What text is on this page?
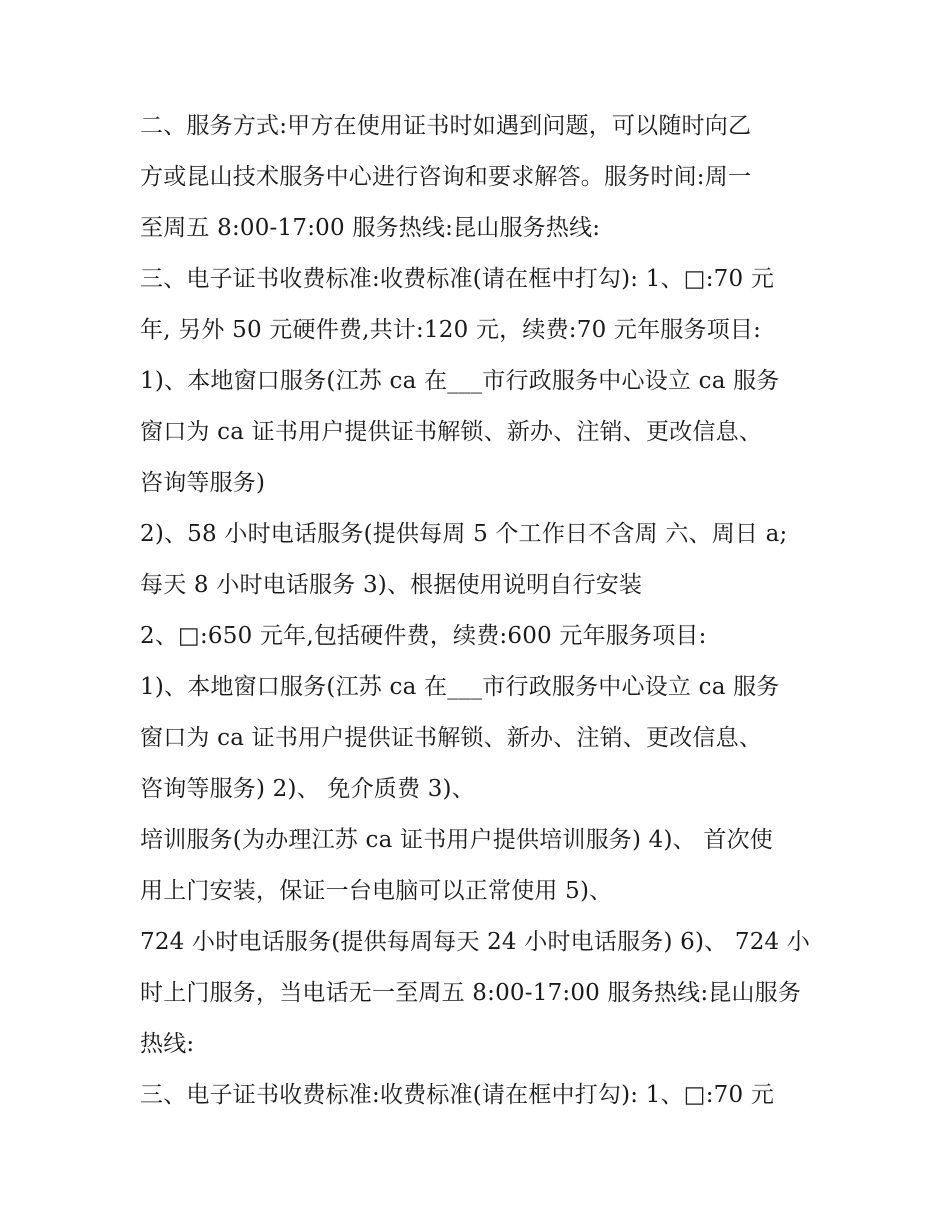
二、服务方式:甲方在使用证书时如遇到问题，可以随时向乙
方或昆山技术服务中心进行咨询和要求解答。服务时间:周一
至周五 8:00-17:00 服务热线:昆山服务热线:
三、电子证书收费标准:收费标准(请在框中打勾): 1、□:70 元
年, 另外 50 元硬件费,共计:120 元，续费:70 元年服务项目:
1)、本地窗口服务(江苏 ca 在___市行政服务中心设立 ca 服务
窗口为 ca 证书用户提供证书解锁、新办、注销、更改信息、
咨询等服务)
2)、58 小时电话服务(提供每周 5 个工作日不含周 六、周日 a;
每天 8 小时电话服务 3)、根据使用说明自行安装
2、□:650 元年,包括硬件费，续费:600 元年服务项目:
1)、本地窗口服务(江苏 ca 在___市行政服务中心设立 ca 服务
窗口为 ca 证书用户提供证书解锁、新办、注销、更改信息、
咨询等服务) 2)、 免介质费 3)、
培训服务(为办理江苏 ca 证书用户提供培训服务) 4)、 首次使
用上门安装，保证一台电脑可以正常使用 5)、
724 小时电话服务(提供每周每天 24 小时电话服务) 6)、 724 小
时上门服务，当电话无一至周五 8:00-17:00 服务热线:昆山服务
热线:
三、电子证书收费标准:收费标准(请在框中打勾): 1、□:70 元
